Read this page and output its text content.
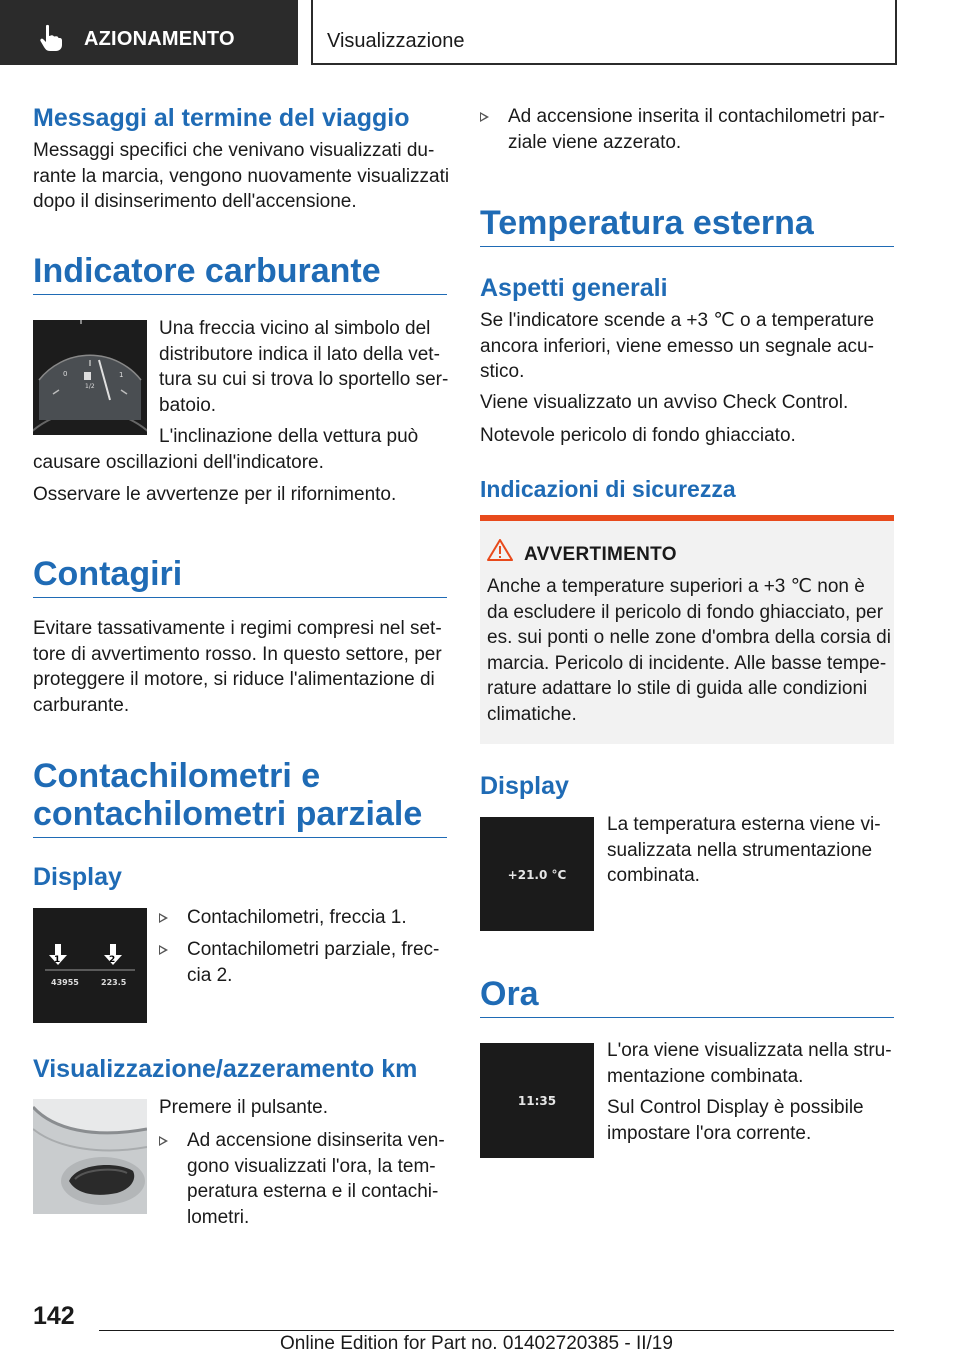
AZIONAMENTO	Visualizzazione
Messaggi al termine del viaggio
Messaggi specifici che venivano visualizzati du-
rante la marcia, vengono nuovamente visualizzati
dopo il disinserimento dell'accensione.
Indicatore carburante
0
1/2
1
Una freccia vicino al simbolo del
distributore indica il lato della vet-
tura su cui si trova lo sportello ser-
batoio.
L'inclinazione della vettura può
causare oscillazioni dell'indicatore.
Osservare le avvertenze per il rifornimento.
Contagiri
Evitare tassativamente i regimi compresi nel set-
tore di avvertimento rosso. In questo settore, per
proteggere il motore, si riduce l'alimentazione di
carburante.
Contachilometri e
contachilometri parziale
Display
1	2
43955	223.5
Contachilometri, freccia 1.
Contachilometri parziale, frec-
cia 2.
Visualizzazione/azzeramento km
Premere il pulsante.
Ad accensione disinserita ven-
gono visualizzati l'ora, la tem-
peratura esterna e il contachi-
lometri.
Ad accensione inserita il contachilometri par-
ziale viene azzerato.
Temperatura esterna
Aspetti generali
Se l'indicatore scende a +3 ℃ o a temperature
ancora inferiori, viene emesso un segnale acu-
stico.
Viene visualizzato un avviso Check Control.
Notevole pericolo di fondo ghiacciato.
Indicazioni di sicurezza
AVVERTIMENTO
Anche a temperature superiori a +3 ℃ non è
da escludere il pericolo di fondo ghiacciato, per
es. sui ponti o nelle zone d'ombra della corsia di
marcia. Pericolo di incidente. Alle basse tempe-
rature adattare lo stile di guida alle condizioni
climatiche.
Display
+21.0 °C
La temperatura esterna viene vi-
sualizzata nella strumentazione
combinata.
Ora
11:35
L'ora viene visualizzata nella stru-
mentazione combinata.
Sul Control Display è possibile
impostare l'ora corrente.
142
Online Edition for Part no. 01402720385 - II/19
